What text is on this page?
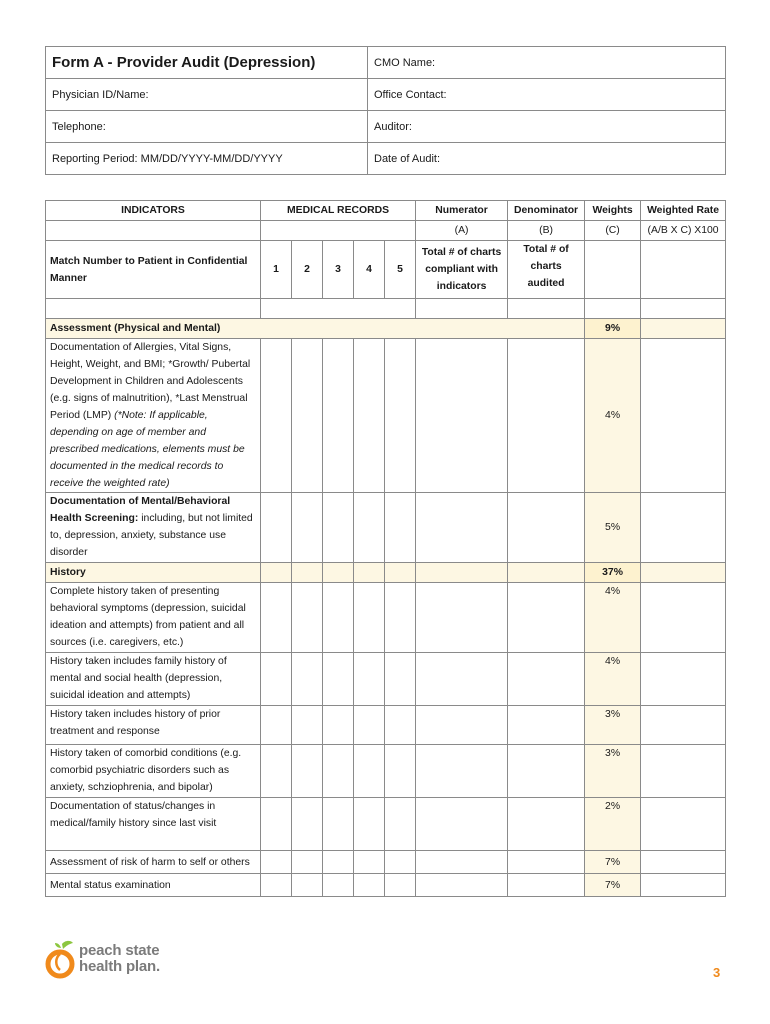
Form A - Provider Audit (Depression)	CMO Name:
Physician ID/Name:	Office Contact:
Telephone:	Auditor:
Reporting Period: MM/DD/YYYY-MM/DD/YYYY	Date of Audit:
INDICATORS	MEDICAL RECORDS					Numerator	Denominator	Weights	Weighted Rate
						(A)	(B)	(C)	(A/B X C) X100
Match Number to Patient in Confidential Manner	1	2	3	4	5	Total # of charts compliant with indicators	Total # of charts audited		

Assessment (Physical and Mental)								9%	
Documentation of Allergies, Vital Signs, Height, Weight, and BMI; *Growth/ Pubertal Development in Children and Adolescents (e.g. signs of malnutrition), *Last Menstrual Period (LMP) (*Note: If applicable, depending on age of member and prescribed medications, elements must be documented in the medical records to receive the weighted rate)								4%	
Documentation of Mental/Behavioral Health Screening: including, but not limited to, depression, anxiety, substance use disorder								5%	
History								37%	
Complete history taken of presenting behavioral symptoms (depression, suicidal ideation and attempts) from patient and all sources (i.e. caregivers, etc.)								4%	
History taken includes family history of mental and social health (depression, suicidal ideation and attempts)								4%	
History taken includes history of prior treatment and response								3%	
History taken of comorbid conditions (e.g. comorbid psychiatric disorders such as anxiety, schziophrenia, and bipolar)								3%	
Documentation of status/changes in medical/family history since last visit								2%	
Assessment of risk of harm to self or others								7%	
Mental status examination								7%	
peach state
health plan.	3
